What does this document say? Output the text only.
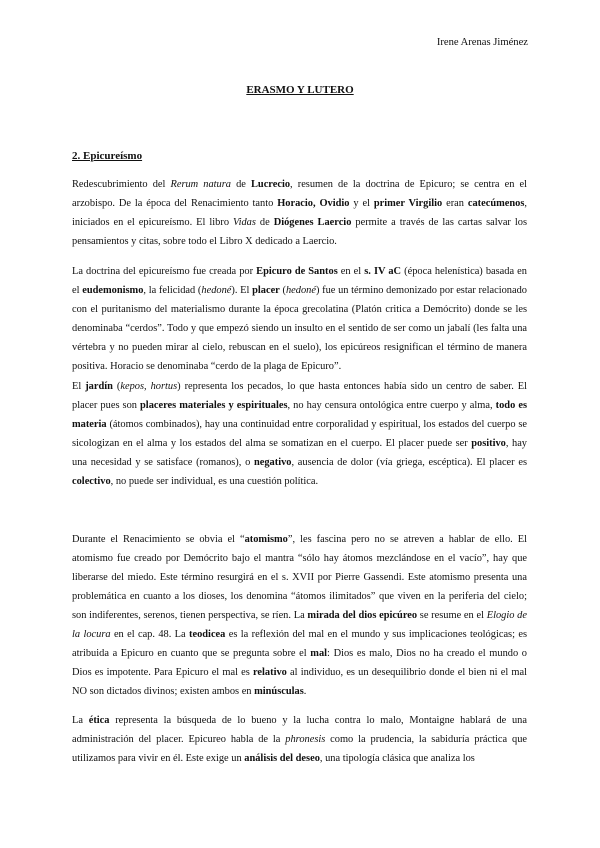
Irene Arenas Jiménez
ERASMO Y LUTERO
2. Epicureísmo

Redescubrimiento del Rerum natura de Lucrecio, resumen de la doctrina de Epicuro; se centra en el arzobispo. De la época del Renacimiento tanto Horacio, Ovidio y el primer Virgilio eran catecúmenos, iniciados en el epicureísmo. El libro Vidas de Diógenes Laercio permite a través de las cartas salvar los pensamientos y citas, sobre todo el Libro X dedicado a Laercio.

La doctrina del epicureísmo fue creada por Epicuro de Santos en el s. IV aC (época helenística) basada en el eudemonismo, la felicidad (hedoné). El placer (hedoné) fue un término demonizado por estar relacionado con el puritanismo del materialismo durante la época grecolatina (Platón critica a Demócrito) donde se les denominaba “cerdos”. Todo y que empezó siendo un insulto en el sentido de ser como un jabalí (les falta una vértebra y no pueden mirar al cielo, rebuscan en el suelo), los epicúreos resignifican el término de manera positiva. Horacio se denominaba “cerdo de la plaga de Epicuro”.

El jardín (kepos, hortus) representa los pecados, lo que hasta entonces había sido un centro de saber. El placer pues son placeres materiales y espirituales, no hay censura ontológica entre cuerpo y alma, todo es materia (átomos combinados), hay una continuidad entre corporalidad y espiritual, los estados del cuerpo se sicologizan en el alma y los estados del alma se somatizan en el cuerpo. El placer puede ser positivo, hay una necesidad y se satisface (romanos), o negativo, ausencia de dolor (vía griega, escéptica). El placer es colectivo, no puede ser individual, es una cuestión política.

Durante el Renacimiento se obvia el “atomismo”, les fascina pero no se atreven a hablar de ello. El atomismo fue creado por Demócrito bajo el mantra “sólo hay átomos mezclándose en el vacío”, hay que liberarse del miedo. Este término resurgirá en el s. XVII por Pierre Gassendi. Este atomismo presenta una problemática en cuanto a los dioses, los denomina “átomos ilimitados” que viven en la periferia del cielo; son indiferentes, serenos, tienen perspectiva, se ríen. La mirada del dios epicúreo se resume en el Elogio de la locura en el cap. 48. La teodicea es la reflexión del mal en el mundo y sus implicaciones teológicas; es atribuida a Epicuro en cuanto que se pregunta sobre el mal: Dios es malo, Dios no ha creado el mundo o Dios es impotente. Para Epicuro el mal es relativo al individuo, es un desequilibrio donde el bien ni el mal NO son dictados divinos; existen ambos en minúsculas.

La ética representa la búsqueda de lo bueno y la lucha contra lo malo, Montaigne hablará de una administración del placer. Epicureo habla de la phronesis como la prudencia, la sabiduría práctica que utilizamos para vivir en él. Este exige un análisis del deseo, una tipología clásica que analiza los
